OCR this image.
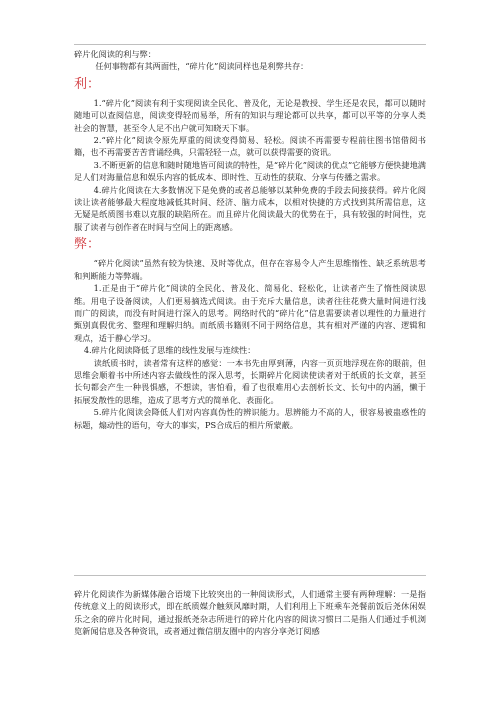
碎片化阅读的利与弊：

任何事物都有其两面性，“碎片化”阅读同样也是利弊共存：

利：

1.“碎片化”阅读有利于实现阅读全民化、普及化，无论是教授、学生还是农民，都可以随时随地可以查阅信息，阅读变得轻而易举，所有的知识与理论都可以共享，都可以平等的分享人类社会的智慧，甚至令人足不出户就可知晓天下事。

2.“碎片化”阅读令原先厚重的阅读变得简易、轻松。阅读不再需要专程前往图书馆借阅书籍，也不再需要苦苦背诵经典，只需轻轻一点，就可以获得需要的资讯。

3.不断更新的信息和随时随地皆可阅读的特性，是“碎片化”阅读的优点”它能够方便快捷地满足人们对海量信息和娱乐内容的低成本、即时性、互动性的获取、分享与传播之需求。

4.碎片化阅读在大多数情况下是免费的或者总能够以某种免费的手段去间接获得。碎片化阅读让读者能够最大程度地减低其时间、经济、脑力成本，以相对快捷的方式找到其所需信息，这无疑是纸质图书难以克服的缺陷所在。而且碎片化阅读最大的优势在于，具有较强的时间性，克服了读者与创作者在时间与空间上的距离感。

弊：

“碎片化阅读”虽然有较为快速、及时等优点，但存在容易令人产生思维惰性、缺乏系统思考和判断能力等弊端。

1.正是由于“碎片化”阅读的全民化、普及化、简易化、轻松化，让读者产生了惰性阅读思维。用电子设备阅读，人们更易摘选式阅读。由于充斥大量信息，读者往往花费大量时间进行浅而广的阅读，而没有时间进行深入的思考。网络时代的“碎片化”信息需要读者以理性的力量进行甄别真假优劣、整理和理解归纳。而纸质书籍则不同于网络信息，其有相对严谨的内容、逻辑和观点，适于静心学习。

4.碎片化阅读降低了思维的线性发展与连续性：

读纸质书时，读者常有这样的感觉：一本书先由厚到薄，内容一页页地浮现在你的眼前，但思维会顺着书中所述内容去做线性的深入思考，长期碎片化阅读使读者对于纸质的长文章，甚至长句都会产生一种畏惧感，不想读，害怕看，看了也很难用心去剖析长文、长句中的内涵，懒于拓展发散性的思维，造成了思考方式的简单化、表面化。

5.碎片化阅读会降低人们对内容真伪性的辨识能力。思辨能力不高的人，很容易被蛊惑性的标题，煽动性的语句，夸大的事实，PS合成后的相片所蒙蔽。

碎片化阅读作为新媒体融合语境下比较突出的一种阅读形式，人们通常主要有两种理解：一是指传统意义上的阅读形式，即在纸质媒介触须风靡时期，人们利用上下班乘车尧餐前饭后尧休闲娱乐之余的碎片化时间，通过报纸尧杂志所进行的碎片化内容的阅读习惯曰二是指人们通过手机浏览新闻信息及各种资讯，或者通过微信朋友圈中的内容分享尧订阅感
